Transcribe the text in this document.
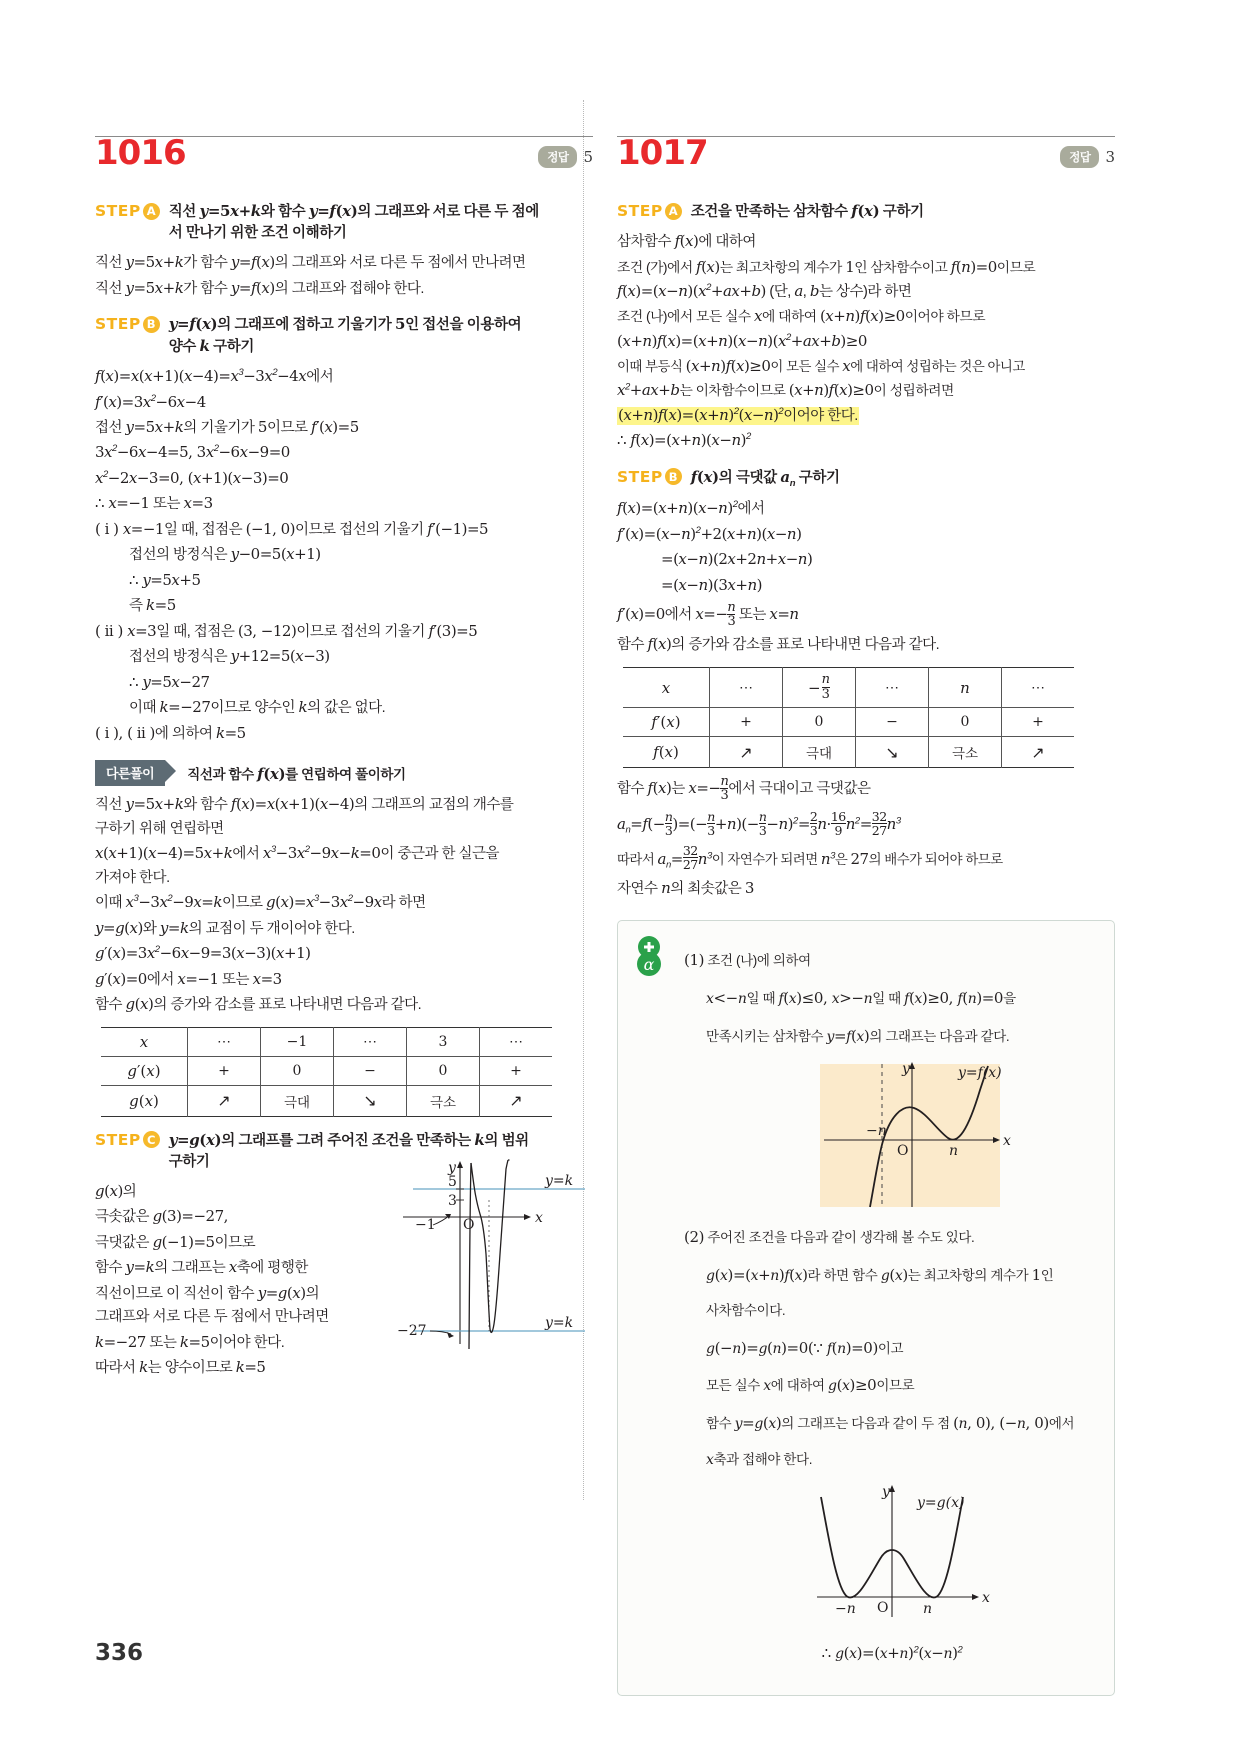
1016	정답	5
STEP A 직선 y=5x+k와 함수 y=f(x)의 그래프와 서로 다른 두 점에
서 만나기 위한 조건 이해하기

직선 y=5x+k가 함수 y=f(x)의 그래프와 서로 다른 두 점에서 만나려면

직선 y=5x+k가 함수 y=f(x)의 그래프와 접해야 한다.

STEP B y=f(x)의 그래프에 접하고 기울기가 5인 접선을 이용하여
양수 k 구하기

$f(x)=x(x+1)(x-4)=x^3-3x^2-4x$에서

$f'(x)=3x^2-6x-4$

접선 y=5x+k의 기울기가 5이므로 f′(x)=5

$3x^2-6x-4=5$, $3x^2-6x-9=0$

$x^2-2x-3=0$, (x+1)(x−3)=0

∴ x=−1 또는 x=3

( i ) x=−1일 때, 접점은 (−1, 0)이므로 접선의 기울기 f′(−1)=5

접선의 방정식은 y−0=5(x+1)

∴ y=5x+5

즉 k=5

( ii ) x=3일 때, 접점은 (3, −12)이므로 접선의 기울기 f′(3)=5

접선의 방정식은 y+12=5(x−3)

∴ y=5x−27

이때 k=−27이므로 양수인 k의 값은 없다.

( i ), ( ii )에 의하여 k=5

다른풀이	직선과 함수 f(x)를 연립하여 풀이하기

직선 y=5x+k와 함수 f(x)=x(x+1)(x−4)의 그래프의 교점의 개수를

구하기 위해 연립하면

x(x+1)(x−4)=5x+k에서 $x^3-3x^2-9x-k=0$이 중근과 한 실근을

가져야 한다.

이때 $x^3-3x^2-9x=k$이므로 $g(x)=x^3-3x^2-9x$라 하면

y=g(x)와 y=k의 교점이 두 개이어야 한다.

$g'(x)=3x^2-6x-9=3(x-3)(x+1)$

g′(x)=0에서 x=−1 또는 x=3

함수 g(x)의 증가와 감소를 표로 나타내면 다음과 같다.

x	⋯	−1	⋯	3	⋯
g′(x)	+	0	−	0	+
g(x)	↗	극대	↘	극소	↗
STEP C y=g(x)의 그래프를 그려 주어진 조건을 만족하는 k의 범위
구하기

g(x)의

극솟값은 g(3)=−27,

극댓값은 g(−1)=5이므로

함수 y=k의 그래프는 x축에 평행한

직선이므로 이 직선이 함수 y=g(x)의

그래프와 서로 다른 두 점에서 만나려면

k=−27 또는 k=5이어야 한다.

따라서 k는 양수이므로 k=5

x
y
O
y=k
y=k
5
3
−1
−27
1017	정답	3
STEP A 조건을 만족하는 삼차함수 f(x) 구하기

삼차함수 f(x)에 대하여

조건 (가)에서 f(x)는 최고차항의 계수가 1인 삼차함수이고 f(n)=0이므로

$f(x)=(x-n)(x^2+ax+b)$ (단, a, b는 상수)라 하면

조건 (나)에서 모든 실수 x에 대하여 (x+n)f(x)≥0이어야 하므로

$(x+n)f(x)=(x+n)(x-n)(x^2+ax+b)\ge 0$

이때 부등식 (x+n)f(x)≥0이 모든 실수 x에 대하여 성립하는 것은 아니고

$x^2+ax+b$는 이차함수이므로 (x+n)f(x)≥0이 성립하려면

$(x+n)f(x)=(x+n)^2(x-n)^2$이어야 한다.

∴ $f(x)=(x+n)(x-n)^2$

STEP B f(x)의 극댓값 $a_n$ 구하기

$f(x)=(x+n)(x-n)^2$에서

$f'(x)=(x-n)^2+2(x+n)(x-n)$

=(x−n)(2x+2n+x−n)

=(x−n)(3x+n)

f′(x)=0에서 $x=- \frac{n}{3}$ 또는 x=n

함수 f(x)의 증가와 감소를 표로 나타내면 다음과 같다.

x	⋯	− $\frac{n}{3}$	⋯	n	⋯
f′(x)	+	0	−	0	+
f(x)	↗	극대	↘	극소	↗

함수 f(x)는 $x=- \frac{n}{3}$ 에서 극대이고 극댓값은

$a_n=f(- \frac{n}{3}$ )=(− $\frac{n}{3} +n)(- \frac{n}{3} -n)^2= \frac{2}{3} n\cdot \frac{16}{9} n^2= \frac{32}{27} n^3$

따라서 $a_n= \frac{32}{27} n^3$이 자연수가 되려면 $n^3$은 27의 배수가 되어야 하므로

자연수 n의 최솟값은 3

α (1) 조건 (나)에 의하여

x<−n일 때 f(x)≤0, x>−n일 때 f(x)≥0, f(n)=0을

만족시키는 삼차함수 y=f(x)의 그래프는 다음과 같다.

x
y
O
−n
n
y=f(x)

(2) 주어진 조건을 다음과 같이 생각해 볼 수도 있다.

g(x)=(x+n)f(x)라 하면 함수 g(x)는 최고차항의 계수가 1인

사차함수이다.

g(−n)=g(n)=0(∵ f(n)=0)이고

모든 실수 x에 대하여 g(x)≥0이므로

함수 y=g(x)의 그래프는 다음과 같이 두 점 (n, 0), (−n, 0)에서

x축과 접해야 한다.

x
y
O
−n	n
y=g(x)

∴ $g(x)=(x+n)^2(x-n)^2$

336
